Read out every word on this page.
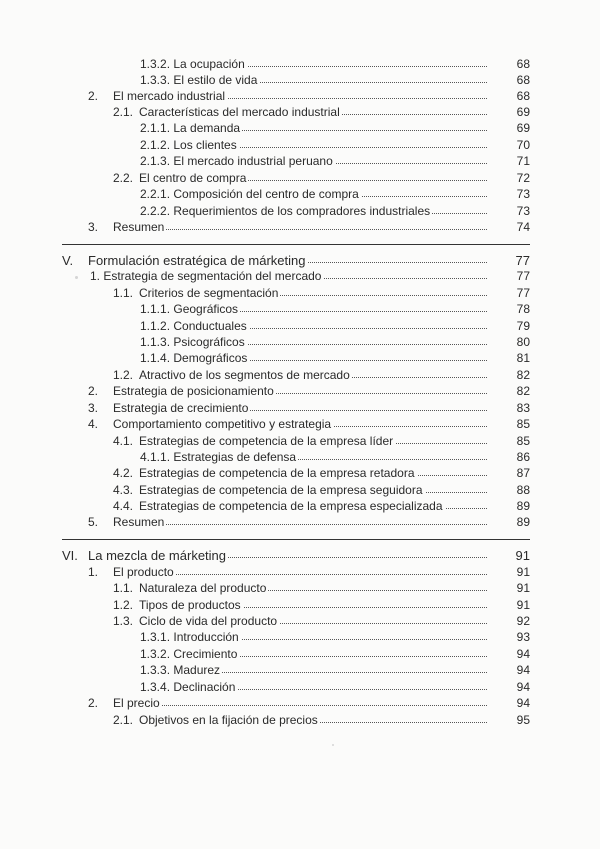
1.3.2. La ocupación	68
1.3.3. El estilo de vida	68
2. El mercado industrial	68
2.1. Características del mercado industrial	69
2.1.1. La demanda	69
2.1.2. Los clientes	70
2.1.3. El mercado industrial peruano	71
2.2. El centro de compra	72
2.2.1. Composición del centro de compra	73
2.2.2. Requerimientos de los compradores industriales	73
3. Resumen	74
V. Formulación estratégica de márketing	77
1. Estrategia de segmentación del mercado	77
1.1. Criterios de segmentación	77
1.1.1. Geográficos	78
1.1.2. Conductuales	79
1.1.3. Psicográficos	80
1.1.4. Demográficos	81
1.2. Atractivo de los segmentos de mercado	82
2. Estrategia de posicionamiento	82
3. Estrategia de crecimiento	83
4. Comportamiento competitivo y estrategia	85
4.1. Estrategias de competencia de la empresa líder	85
4.1.1. Estrategias de defensa	86
4.2. Estrategias de competencia de la empresa retadora	87
4.3. Estrategias de competencia de la empresa seguidora	88
4.4. Estrategias de competencia de la empresa especializada	89
5. Resumen	89
VI. La mezcla de márketing	91
1. El producto	91
1.1. Naturaleza del producto	91
1.2. Tipos de productos	91
1.3. Ciclo de vida del producto	92
1.3.1. Introducción	93
1.3.2. Crecimiento	94
1.3.3. Madurez	94
1.3.4. Declinación	94
2. El precio	94
2.1. Objetivos en la fijación de precios	95
